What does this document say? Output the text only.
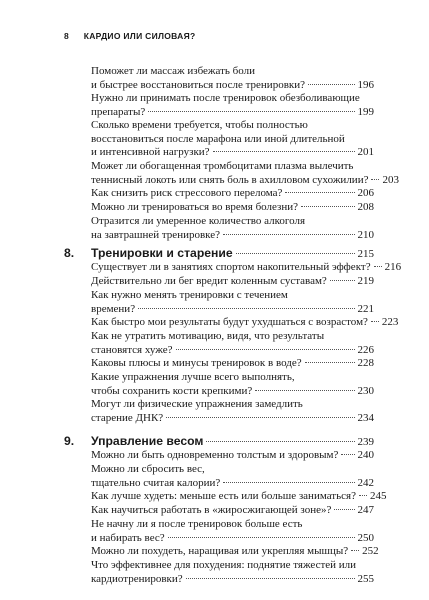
8 КАРДИО ИЛИ СИЛОВАЯ?
Поможет ли массаж избежать боли
и быстрее восстановиться после тренировки?	196
Нужно ли принимать после тренировок обезболивающие
препараты?	199
Сколько времени требуется, чтобы полностью
восстановиться после марафона или иной длительной
и интенсивной нагрузки?	201
Может ли обогащенная тромбоцитами плазма вылечить
теннисный локоть или снять боль в ахилловом сухожилии? 203
Как снизить риск стрессового перелома?	206
Можно ли тренироваться во время болезни?	208
Отразится ли умеренное количество алкоголя
на завтрашней тренировке?	210
8.	Тренировки и старение	215
Существует ли в занятиях спортом накопительный эффект? 216
Действительно ли бег вредит коленным суставам?	219
Как нужно менять тренировки с течением
времени?	221
Как быстро мои результаты будут ухудшаться с возрастом? 223
Как не утратить мотивацию, видя, что результаты
становятся хуже?	226
Каковы плюсы и минусы тренировок в воде?	228
Какие упражнения лучше всего выполнять,
чтобы сохранить кости крепкими?	230
Могут ли физические упражнения замедлить
старение ДНК?	234
9.	Управление весом	239
Можно ли быть одновременно толстым и здоровым? 240
Можно ли сбросить вес,
тщательно считая калории?	242
Как лучше худеть: меньше есть или больше заниматься? 245
Как научиться работать в «жиросжигающей зоне»? 247
Не начну ли я после тренировок больше есть
и набирать вес?	250
Можно ли похудеть, наращивая или укрепляя мышцы? 252
Что эффективнее для похудения: поднятие тяжестей или
кардиотренировки?	255
